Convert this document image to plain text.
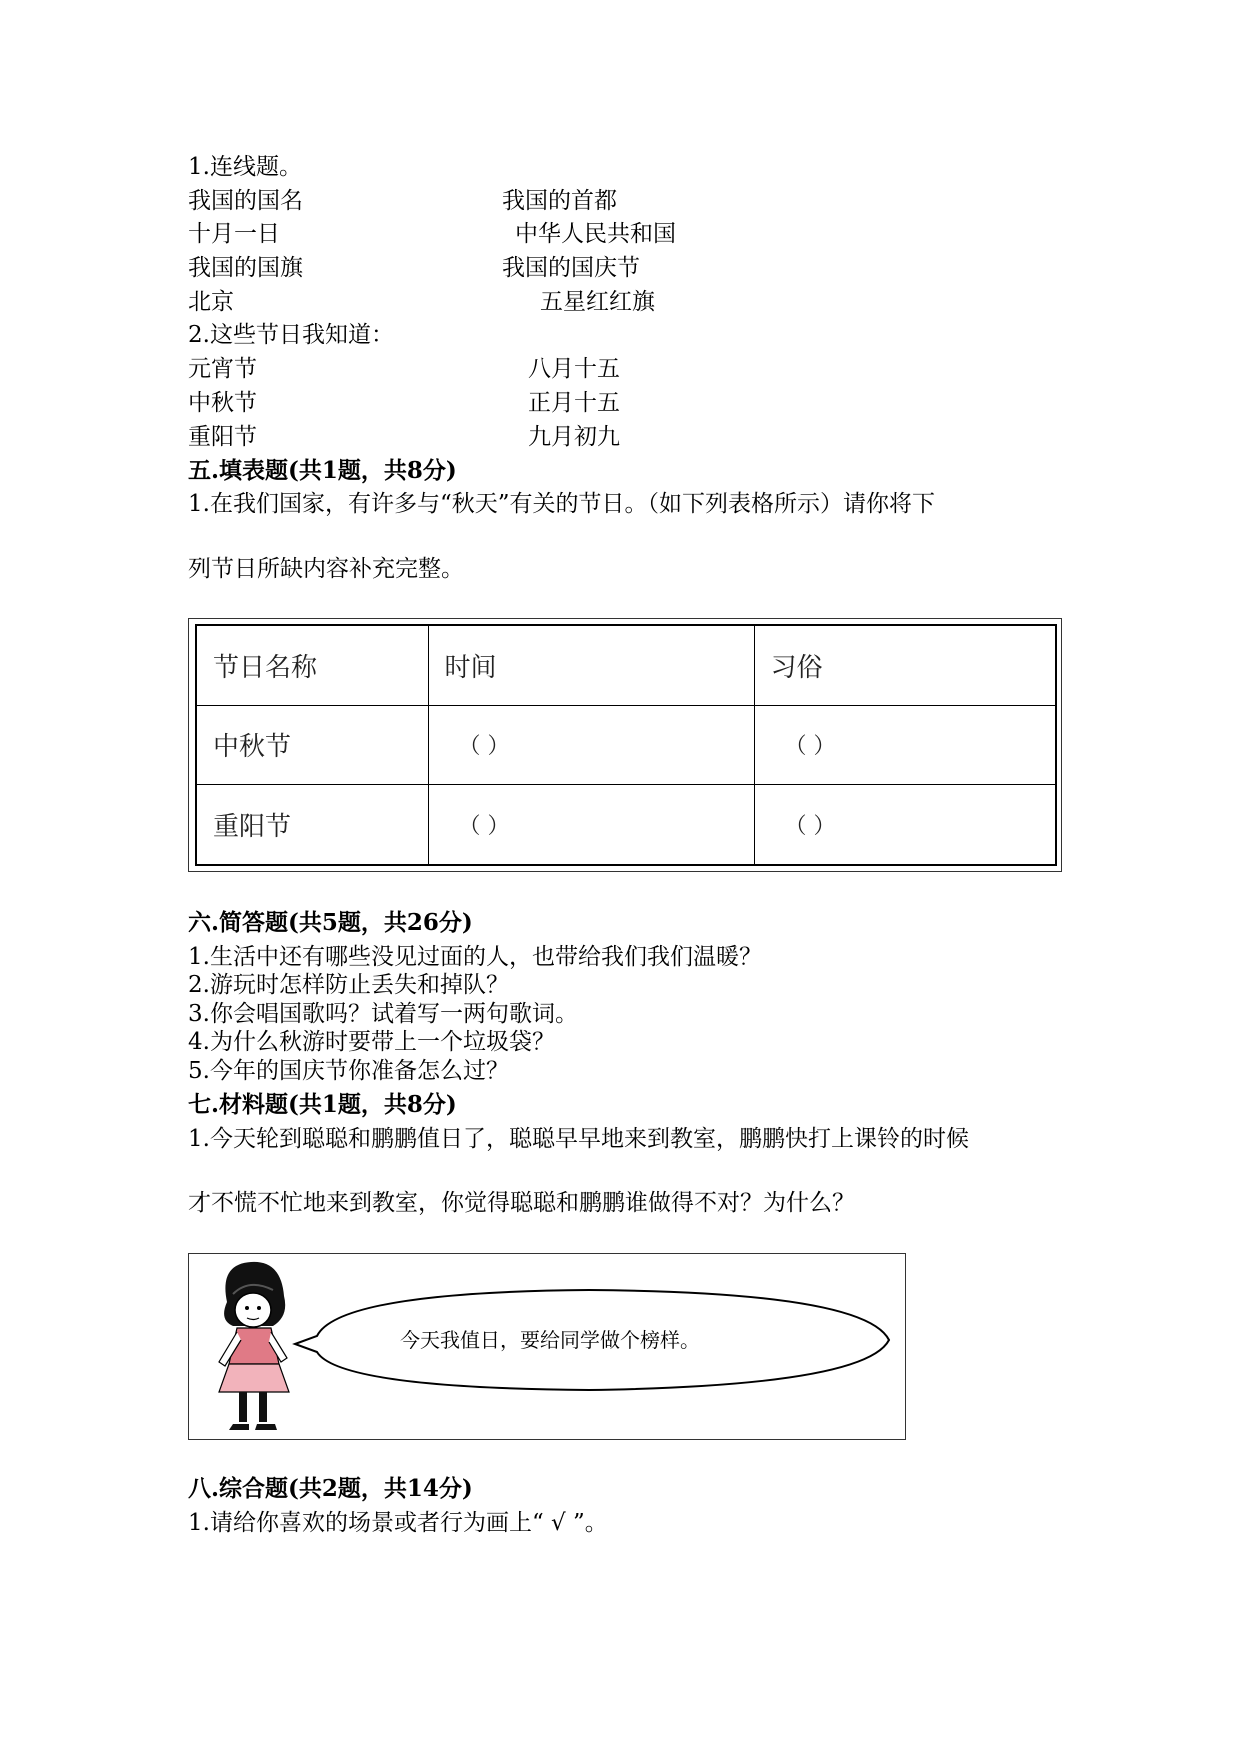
1.连线题。
我国的国名	我国的首都
十月一日	中华人民共和国
我国的国旗	我国的国庆节
北京	五星红红旗
2.这些节日我知道：
元宵节	八月十五
中秋节	正月十五
重阳节	九月初九
五.填表题(共1题，共8分)
1.在我们国家，有许多与“秋天”有关的节日。（如下列表格所示）请你将下
列节日所缺内容补充完整。
节日名称	时间	习俗
中秋节	（ ）	（ ）
重阳节	（ ）	（ ）
六.简答题(共5题，共26分)
1.生活中还有哪些没见过面的人，也带给我们我们温暖？
2.游玩时怎样防止丢失和掉队？
3.你会唱国歌吗？试着写一两句歌词。
4.为什么秋游时要带上一个垃圾袋？
5.今年的国庆节你准备怎么过？
七.材料题(共1题，共8分)
1.今天轮到聪聪和鹏鹏值日了，聪聪早早地来到教室，鹏鹏快打上课铃的时候
才不慌不忙地来到教室，你觉得聪聪和鹏鹏谁做得不对？为什么？
今天我值日，要给同学做个榜样。
八.综合题(共2题，共14分)
1.请给你喜欢的场景或者行为画上“ √ ”。
